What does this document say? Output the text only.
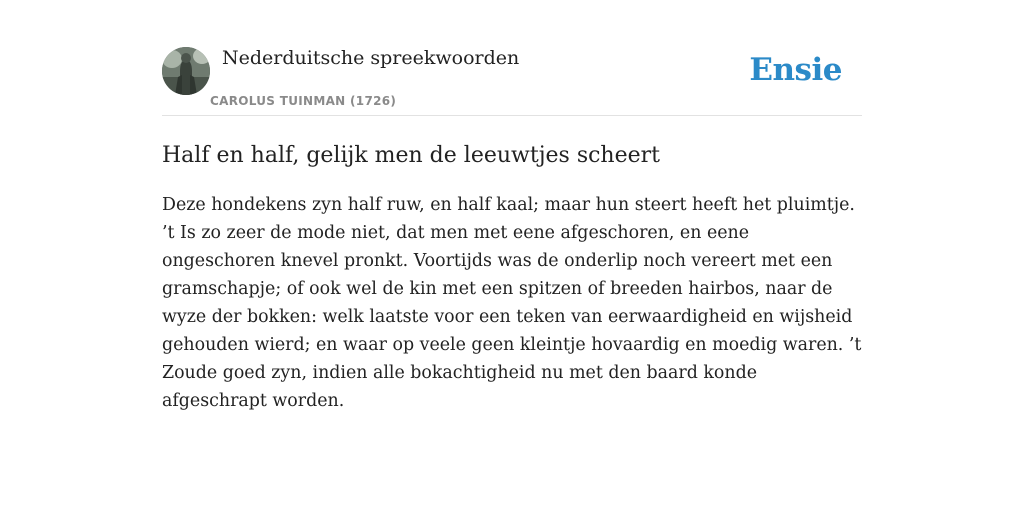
Nederduitsche spreekwoorden
CAROLUS TUINMAN (1726)
Ensie
Half en half, gelijk men de leeuwtjes scheert

Deze hondekens zyn half ruw, en half kaal; maar hun steert heeft het pluimtje. ’t Is zo zeer de mode niet, dat men met eene afgeschoren, en eene ongeschoren knevel pronkt. Voortijds was de onderlip noch vereert met een gramschapje; of ook wel de kin met een spitzen of breeden hairbos, naar de wyze der bokken: welk laatste voor een teken van eerwaardigheid en wijsheid gehouden wierd; en waar op veele geen kleintje hovaardig en moedig waren. ’t Zoude goed zyn, indien alle bokachtigheid nu met den baard konde afgeschrapt worden.
